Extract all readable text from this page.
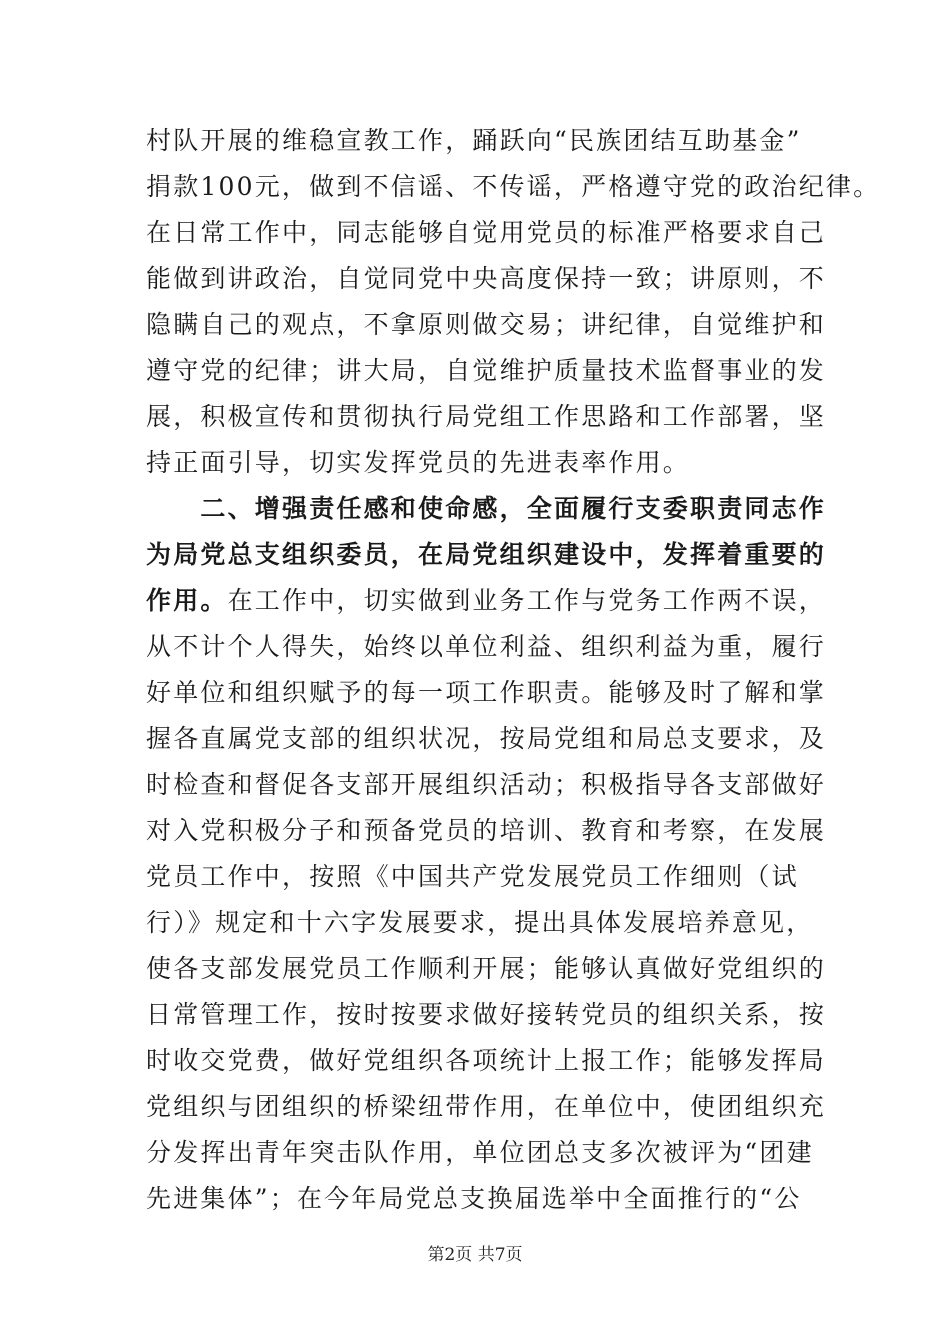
村队开展的维稳宣教工作，踊跃向“民族团结互助基金”
捐款100元，做到不信谣、不传谣，严格遵守党的政治纪律。
在日常工作中，同志能够自觉用党员的标准严格要求自己
能做到讲政治，自觉同党中央高度保持一致；讲原则，不
隐瞒自己的观点，不拿原则做交易；讲纪律，自觉维护和
遵守党的纪律；讲大局，自觉维护质量技术监督事业的发
展，积极宣传和贯彻执行局党组工作思路和工作部署，坚
持正面引导，切实发挥党员的先进表率作用。
　　二、增强责任感和使命感，全面履行支委职责同志作
为局党总支组织委员，在局党组织建设中，发挥着重要的
作用。在工作中，切实做到业务工作与党务工作两不误，
从不计个人得失，始终以单位利益、组织利益为重，履行
好单位和组织赋予的每一项工作职责。能够及时了解和掌
握各直属党支部的组织状况，按局党组和局总支要求，及
时检查和督促各支部开展组织活动；积极指导各支部做好
对入党积极分子和预备党员的培训、教育和考察，在发展
党员工作中，按照《中国共产党发展党员工作细则（试
行）》规定和十六字发展要求，提出具体发展培养意见，
使各支部发展党员工作顺利开展；能够认真做好党组织的
日常管理工作，按时按要求做好接转党员的组织关系，按
时收交党费，做好党组织各项统计上报工作；能够发挥局
党组织与团组织的桥梁纽带作用，在单位中，使团组织充
分发挥出青年突击队作用，单位团总支多次被评为“团建
先进集体”；在今年局党总支换届选举中全面推行的“公
第2页 共7页
